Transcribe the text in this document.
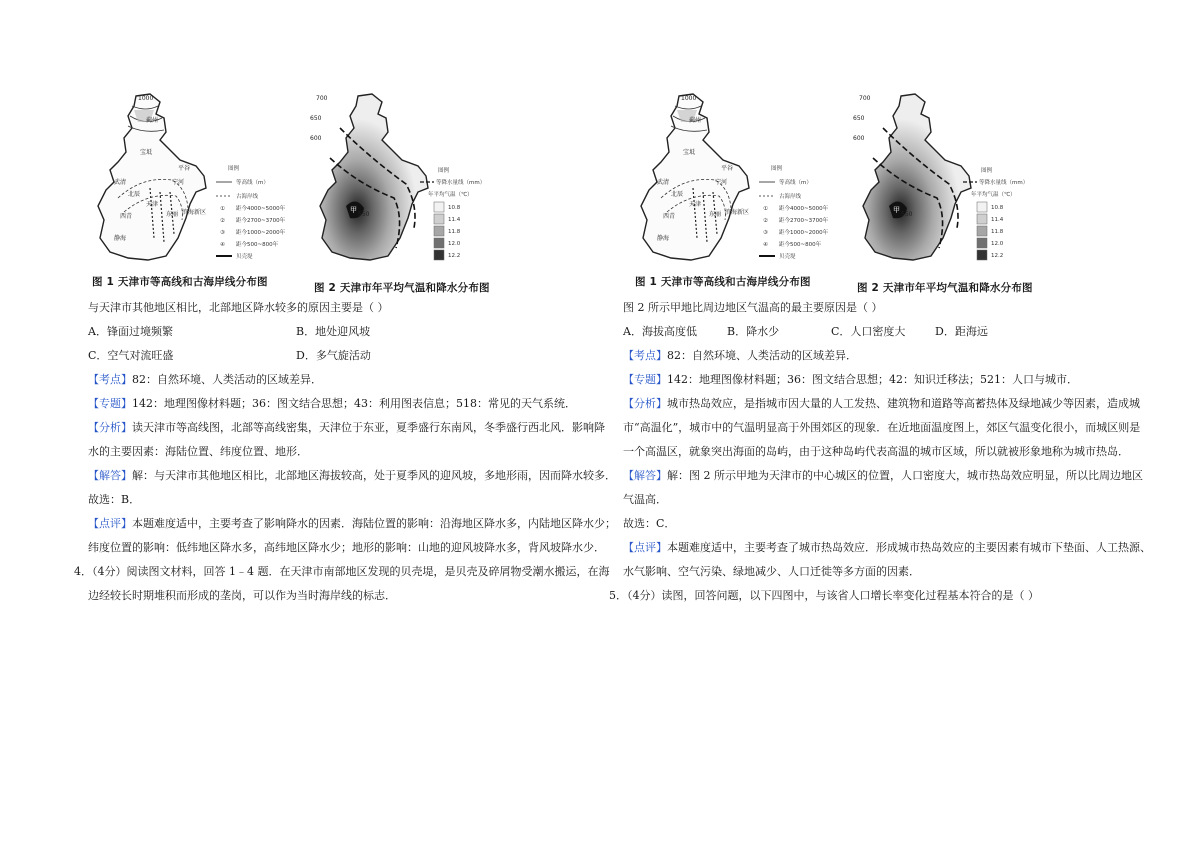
1000
蓟州
宝坻
武清
平谷
宁河
天津
北辰
东丽 滨海新区
西青
静海
图例
等高线（m）
古海岸线
① 距今4000~5000年
② 距今2700~3700年
③ 距今1000~2000年
④ 距今500~800年
贝壳堤
图 1 天津市等高线和古海岸线分布图
700
650
600
550
甲
图例
等降水量线（mm）
年平均气温（℃）
10.8
11.4
11.8
12.0
12.2
图 2 天津市年平均气温和降水分布图

与天津市其他地区相比，北部地区降水较多的原因主要是（ ）

A．锋面过境频繁	B．地处迎风坡
C．空气对流旺盛	D．多气旋活动

【考点】82：自然环境、人类活动的区域差异．

【专题】142：地理图像材料题；36：图文结合思想；43：利用图表信息；518：常见的天气系统．

【分析】读天津市等高线图，北部等高线密集，天津位于东亚，夏季盛行东南风，冬季盛行西北风．影响降

水的主要因素：海陆位置、纬度位置、地形．

【解答】解：与天津市其他地区相比，北部地区海拔较高，处于夏季风的迎风坡，多地形雨，因而降水较多．

故选：B．

【点评】本题难度适中，主要考查了影响降水的因素．海陆位置的影响：沿海地区降水多，内陆地区降水少；

纬度位置的影响：低纬地区降水多，高纬地区降水少；地形的影响：山地的迎风坡降水多，背风坡降水少．

4．（4分）阅读图文材料，回答 1﹣4 题．在天津市南部地区发现的贝壳堤，是贝壳及碎屑物受潮水搬运，在海

边经较长时期堆积而形成的垄岗，可以作为当时海岸线的标志．

1000
蓟州
宝坻
武清
平谷
宁河
天津
北辰
东丽 滨海新区
西青
静海
图例
等高线（m）
古海岸线
① 距今4000~5000年
② 距今2700~3700年
③ 距今1000~2000年
④ 距今500~800年
贝壳堤
图 1 天津市等高线和古海岸线分布图
700
650
600
550
甲
图例
等降水量线（mm）
年平均气温（℃）
10.8
11.4
11.8
12.0
12.2
图 2 天津市年平均气温和降水分布图

图 2 所示甲地比周边地区气温高的最主要原因是（ ）

A．海拔高度低	B．降水少	C．人口密度大	D．距海远

【考点】82：自然环境、人类活动的区域差异．

【专题】142：地理图像材料题；36：图文结合思想；42：知识迁移法；521：人口与城市．

【分析】城市热岛效应，是指城市因大量的人工发热、建筑物和道路等高蓄热体及绿地减少等因素，造成城

市“高温化”，城市中的气温明显高于外围郊区的现象．在近地面温度图上，郊区气温变化很小，而城区则是

一个高温区，就象突出海面的岛屿，由于这种岛屿代表高温的城市区域，所以就被形象地称为城市热岛．

【解答】解：图 2 所示甲地为天津市的中心城区的位置，人口密度大，城市热岛效应明显，所以比周边地区

气温高．

故选：C．

【点评】本题难度适中，主要考查了城市热岛效应．形成城市热岛效应的主要因素有城市下垫面、人工热源、

水气影响、空气污染、绿地减少、人口迁徙等多方面的因素．

5．（4分）读图，回答问题，以下四图中，与该省人口增长率变化过程基本符合的是（ ）
